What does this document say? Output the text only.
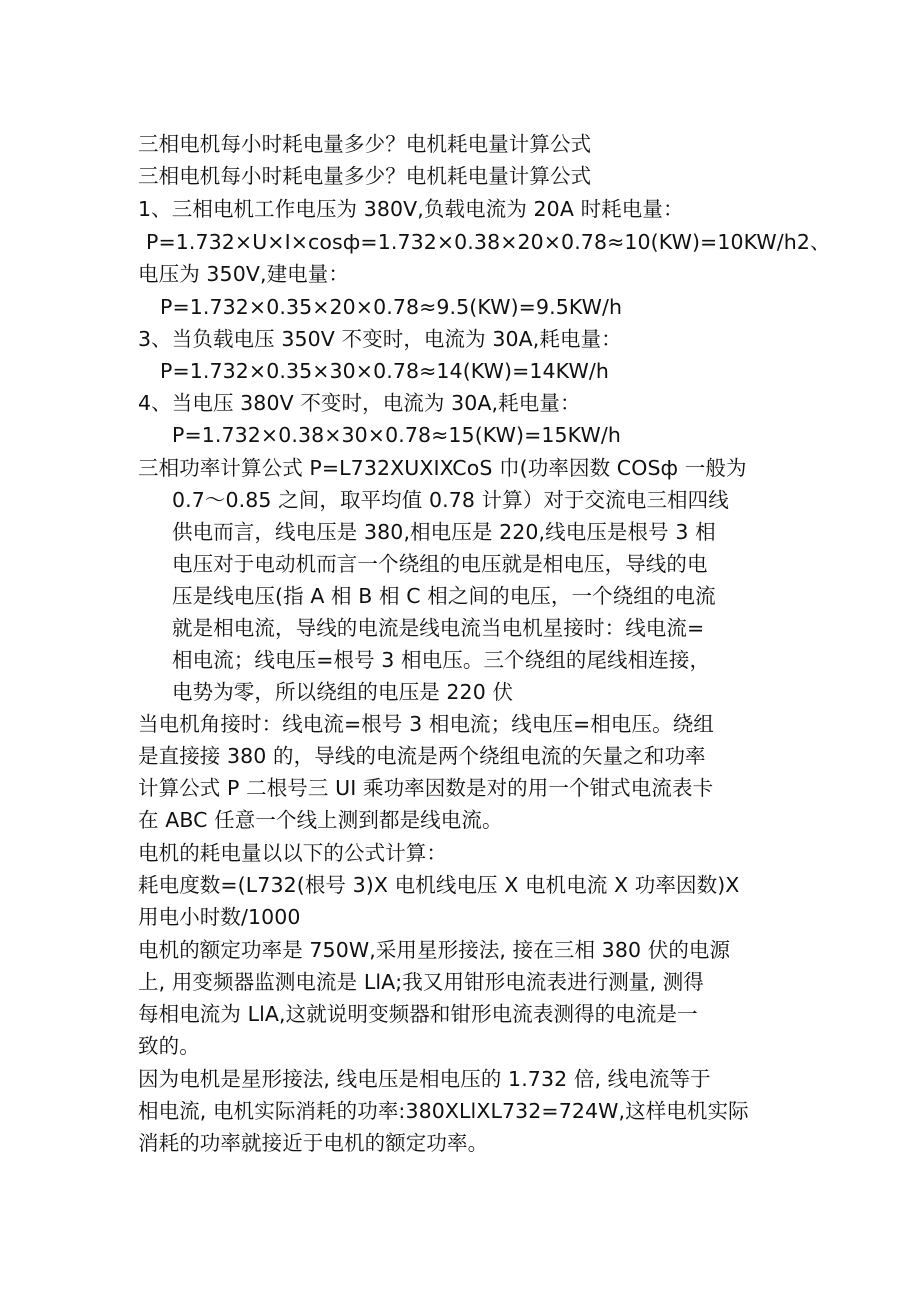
三相电机每小时耗电量多少？电机耗电量计算公式
三相电机每小时耗电量多少？电机耗电量计算公式
1、三相电机工作电压为 380V,负载电流为 20A 时耗电量：
P=1.732×U×I×cosф=1.732×0.38×20×0.78≈10(KW)=10KW∕h2、
电压为 350V,建电量：
P=1.732×0.35×20×0.78≈9.5(KW)=9.5KW∕h
3、当负载电压 350V 不变时，电流为 30A,耗电量：
P=1.732×0.35×30×0.78≈14(KW)=14KW∕h
4、当电压 380V 不变时，电流为 30A,耗电量：
P=1.732×0.38×30×0.78≈15(KW)=15KW∕h
三相功率计算公式 P=L732XUXIXCoS 巾(功率因数 COSф 一般为
0.7～0.85 之间，取平均值 0.78 计算）对于交流电三相四线
供电而言，线电压是 380,相电压是 220,线电压是根号 3 相
电压对于电动机而言一个绕组的电压就是相电压，导线的电
压是线电压(指 A 相 B 相 C 相之间的电压，一个绕组的电流
就是相电流，导线的电流是线电流当电机星接时：线电流=
相电流；线电压=根号 3 相电压。三个绕组的尾线相连接，
电势为零，所以绕组的电压是 220 伏
当电机角接时：线电流=根号 3 相电流；线电压=相电压。绕组
是直接接 380 的，导线的电流是两个绕组电流的矢量之和功率
计算公式 P 二根号三 UI 乘功率因数是对的用一个钳式电流表卡
在 ABC 任意一个线上测到都是线电流。
电机的耗电量以以下的公式计算：
耗电度数=(L732(根号 3)X 电机线电压 X 电机电流 X 功率因数)X
用电小时数/1000
电机的额定功率是 750W,采用星形接法, 接在三相 380 伏的电源
上, 用变频器监测电流是 LlA;我又用钳形电流表进行测量, 测得
每相电流为 LlA,这就说明变频器和钳形电流表测得的电流是一
致的。
因为电机是星形接法, 线电压是相电压的 1.732 倍, 线电流等于
相电流, 电机实际消耗的功率:380XLlXL732=724W,这样电机实际
消耗的功率就接近于电机的额定功率。
